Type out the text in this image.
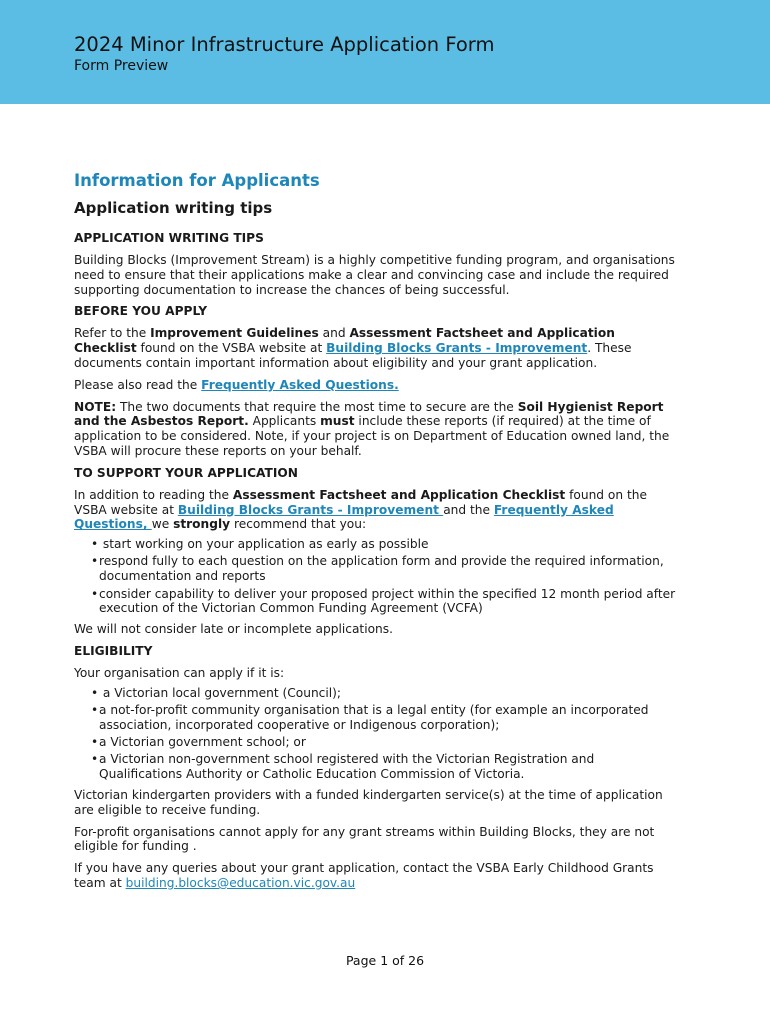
2024 Minor Infrastructure Application Form
Form Preview
Information for Applicants
Application writing tips
APPLICATION WRITING TIPS

Building Blocks (Improvement Stream) is a highly competitive funding program, and organisations need to ensure that their applications make a clear and convincing case and include the required supporting documentation to increase the chances of being successful.

BEFORE YOU APPLY

Refer to the Improvement Guidelines and Assessment Factsheet and Application Checklist found on the VSBA website at Building Blocks Grants - Improvement. These documents contain important information about eligibility and your grant application.

Please also read the Frequently Asked Questions.

NOTE: The two documents that require the most time to secure are the Soil Hygienist Report and the Asbestos Report. Applicants must include these reports (if required) at the time of application to be considered. Note, if your project is on Department of Education owned land, the VSBA will procure these reports on your behalf.

TO SUPPORT YOUR APPLICATION

In addition to reading the Assessment Factsheet and Application Checklist found on the VSBA website at Building Blocks Grants - Improvement and the Frequently Asked Questions, we strongly recommend that you:

• start working on your application as early as possible
• respond fully to each question on the application form and provide the required information, documentation and reports
• consider capability to deliver your proposed project within the specified 12 month period after execution of the Victorian Common Funding Agreement (VCFA)

We will not consider late or incomplete applications.

ELIGIBILITY

Your organisation can apply if it is:

• a Victorian local government (Council);
• a not-for-profit community organisation that is a legal entity (for example an incorporated association, incorporated cooperative or Indigenous corporation);
• a Victorian government school; or
• a Victorian non-government school registered with the Victorian Registration and Qualifications Authority or Catholic Education Commission of Victoria.

Victorian kindergarten providers with a funded kindergarten service(s) at the time of application are eligible to receive funding.

For-profit organisations cannot apply for any grant streams within Building Blocks, they are not eligible for funding .

If you have any queries about your grant application, contact the VSBA Early Childhood Grants team at building.blocks@education.vic.gov.au

Page 1 of 26
